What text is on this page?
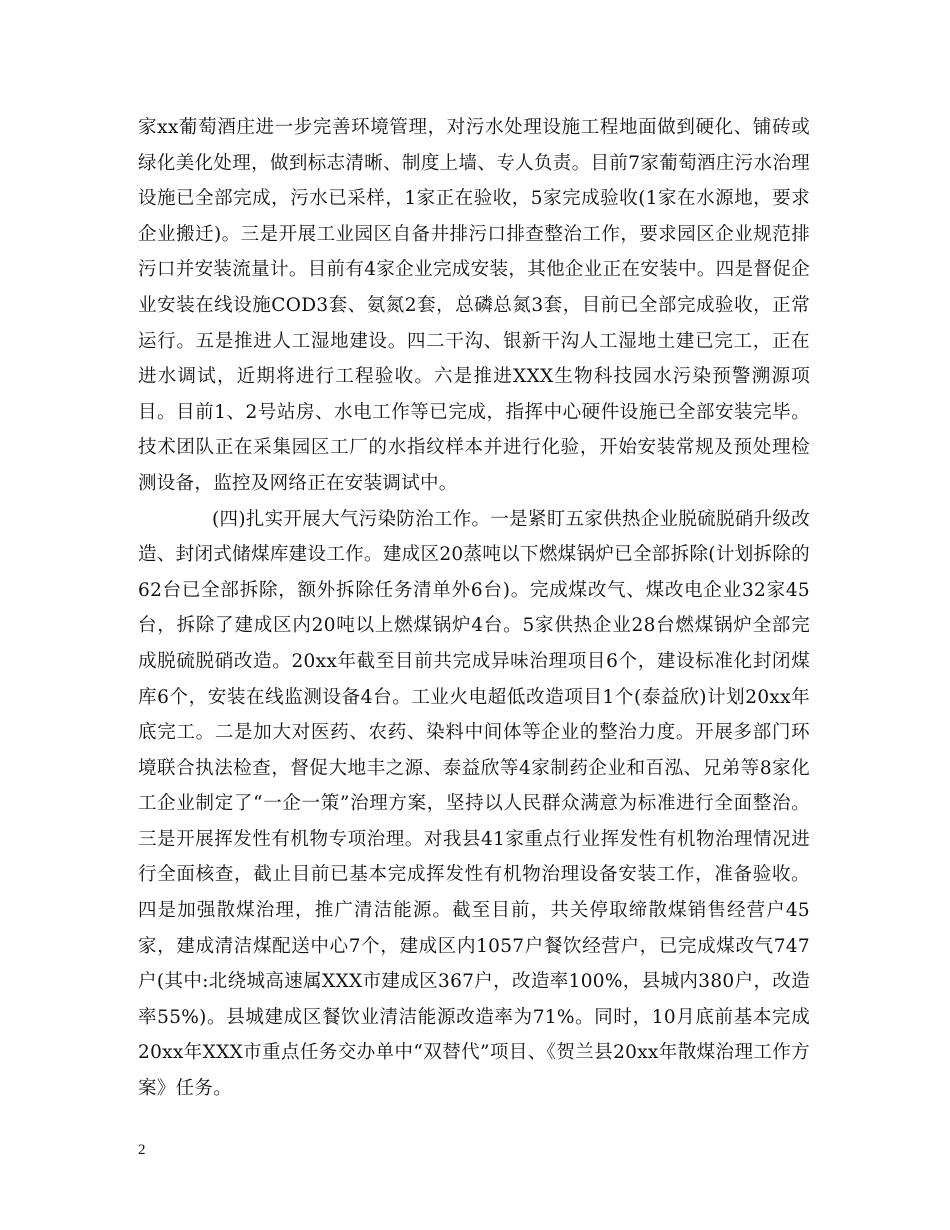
家xx葡萄酒庄进一步完善环境管理，对污水处理设施工程地面做到硬化、铺砖或绿化美化处理，做到标志清晰、制度上墙、专人负责。目前7家葡萄酒庄污水治理设施已全部完成，污水已采样，1家正在验收，5家完成验收(1家在水源地，要求企业搬迁)。三是开展工业园区自备井排污口排查整治工作，要求园区企业规范排污口并安装流量计。目前有4家企业完成安装，其他企业正在安装中。四是督促企业安装在线设施COD3套、氨氮2套，总磷总氮3套，目前已全部完成验收，正常运行。五是推进人工湿地建设。四二干沟、银新干沟人工湿地土建已完工，正在进水调试，近期将进行工程验收。六是推进XXX生物科技园水污染预警溯源项目。目前1、2号站房、水电工作等已完成，指挥中心硬件设施已全部安装完毕。技术团队正在采集园区工厂的水指纹样本并进行化验，开始安装常规及预处理检测设备，监控及网络正在安装调试中。

(四)扎实开展大气污染防治工作。一是紧盯五家供热企业脱硫脱硝升级改造、封闭式储煤库建设工作。建成区20蒸吨以下燃煤锅炉已全部拆除(计划拆除的62台已全部拆除，额外拆除任务清单外6台)。完成煤改气、煤改电企业32家45台，拆除了建成区内20吨以上燃煤锅炉4台。5家供热企业28台燃煤锅炉全部完成脱硫脱硝改造。20xx年截至目前共完成异味治理项目6个，建设标准化封闭煤库6个，安装在线监测设备4台。工业火电超低改造项目1个(泰益欣)计划20xx年底完工。二是加大对医药、农药、染料中间体等企业的整治力度。开展多部门环境联合执法检查，督促大地丰之源、泰益欣等4家制药企业和百泓、兄弟等8家化工企业制定了“一企一策”治理方案，坚持以人民群众满意为标准进行全面整治。三是开展挥发性有机物专项治理。对我县41家重点行业挥发性有机物治理情况进行全面核查，截止目前已基本完成挥发性有机物治理设备安装工作，准备验收。四是加强散煤治理，推广清洁能源。截至目前，共关停取缔散煤销售经营户45家，建成清洁煤配送中心7个，建成区内1057户餐饮经营户，已完成煤改气747户(其中:北绕城高速属XXX市建成区367户，改造率100%，县城内380户，改造率55%)。县城建成区餐饮业清洁能源改造率为71%。同时，10月底前基本完成20xx年XXX市重点任务交办单中“双替代”项目、《贺兰县20xx年散煤治理工作方案》任务。

2
